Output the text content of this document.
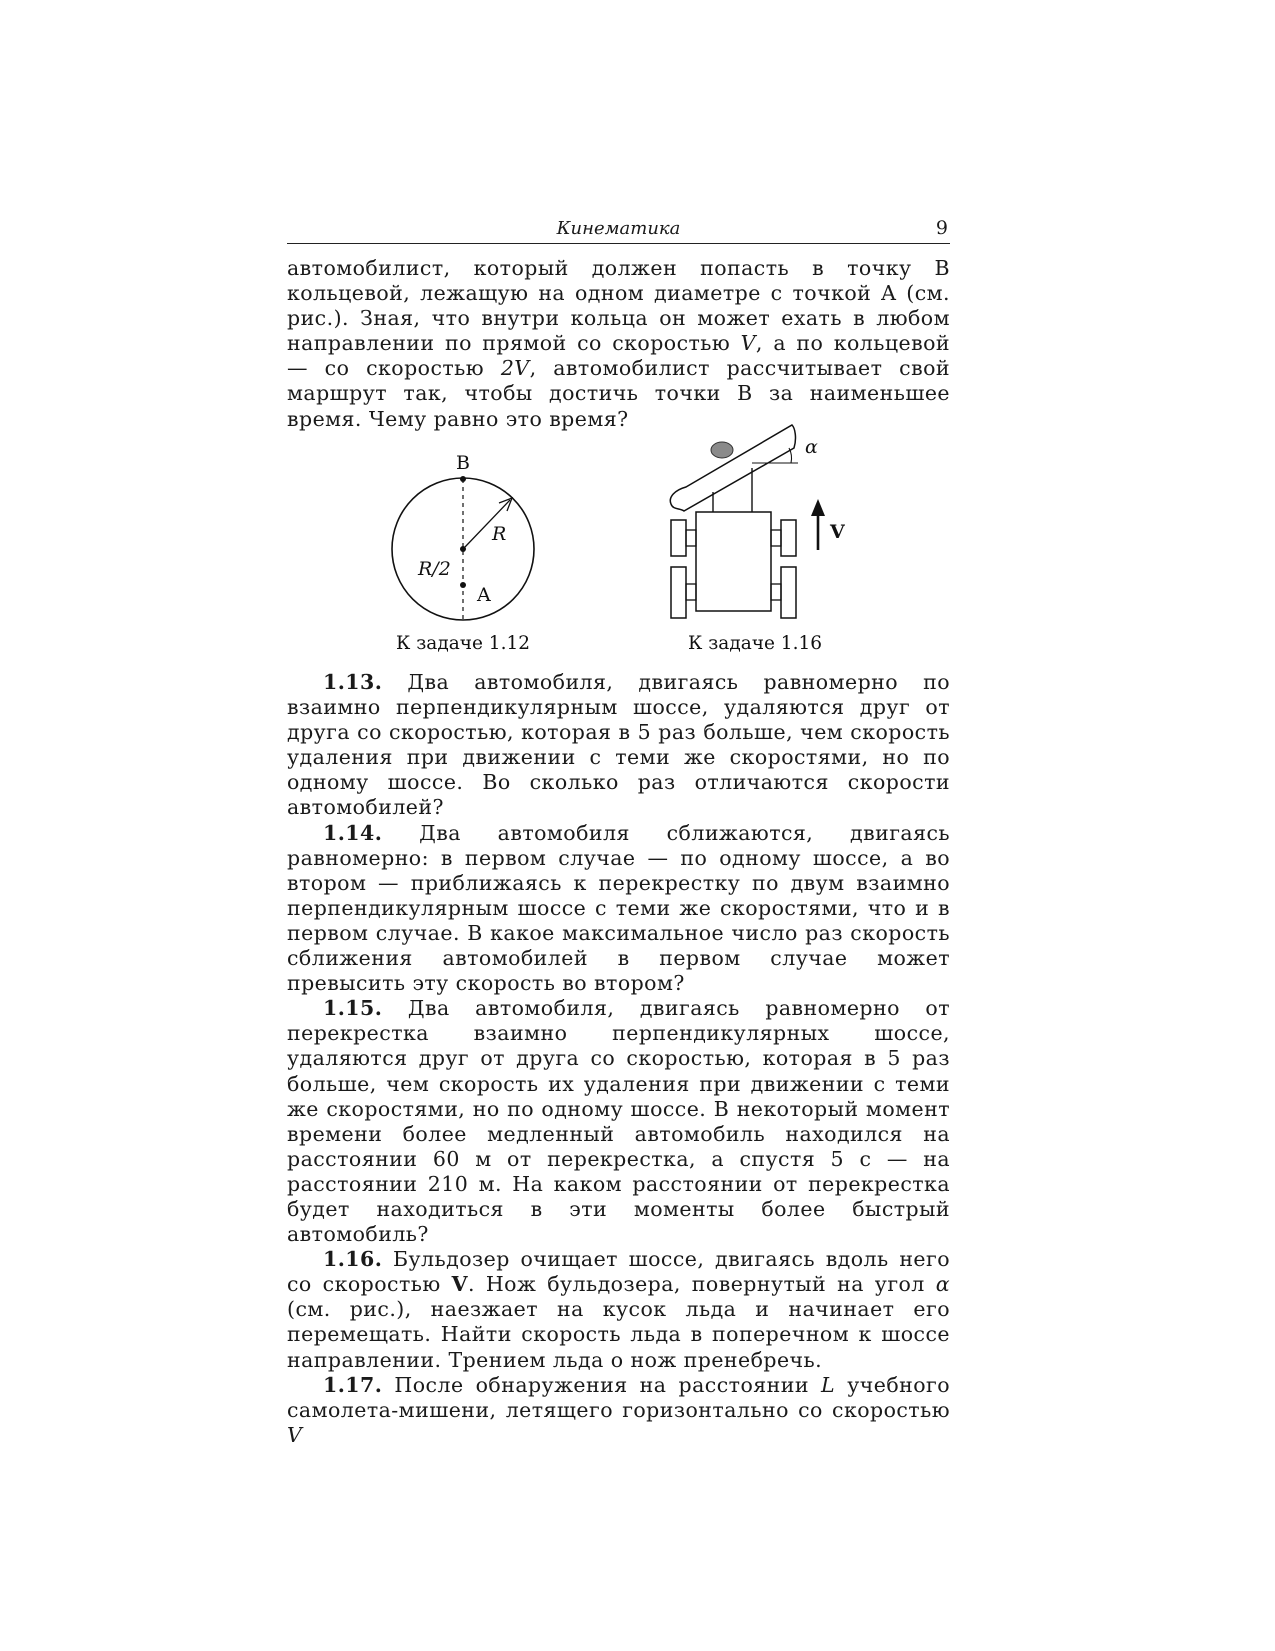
Кинематика	9
автомобилист, который должен попасть в точку B кольцевой, лежащую на одном диаметре с точкой A (см. рис.). Зная, что внутри кольца он может ехать в любом направлении по прямой со скоростью V, а по кольцевой — со скоростью 2V, автомобилист рассчитывает свой маршрут так, чтобы достичь точки B за наименьшее время. Чему равно это время?
B
A
R
R/2
К задаче 1.12
α
V
К задаче 1.16

1.13. Два автомобиля, двигаясь равномерно по взаимно перпендикулярным шоссе, удаляются друг от друга со скоростью, которая в 5 раз больше, чем скорость удаления при движении с теми же скоростями, но по одному шоссе. Во сколько раз отличаются скорости автомобилей?

1.14. Два автомобиля сближаются, двигаясь равномерно: в первом случае — по одному шоссе, а во втором — приближаясь к перекрестку по двум взаимно перпендикулярным шоссе с теми же скоростями, что и в первом случае. В какое максимальное число раз скорость сближения автомобилей в первом случае может превысить эту скорость во втором?

1.15. Два автомобиля, двигаясь равномерно от перекрестка взаимно перпендикулярных шоссе, удаляются друг от друга со скоростью, которая в 5 раз больше, чем скорость их удаления при движении с теми же скоростями, но по одному шоссе. В некоторый момент времени более медленный автомобиль находился на расстоянии 60 м от перекрестка, а спустя 5 с — на расстоянии 210 м. На каком расстоянии от перекрестка будет находиться в эти моменты более быстрый автомобиль?

1.16. Бульдозер очищает шоссе, двигаясь вдоль него со скоростью V. Нож бульдозера, повернутый на угол α (см. рис.), наезжает на кусок льда и начинает его перемещать. Найти скорость льда в поперечном к шоссе направлении. Трением льда о нож пренебречь.

1.17. После обнаружения на расстоянии L учебного самолета-мишени, летящего горизонтально со скоростью V
